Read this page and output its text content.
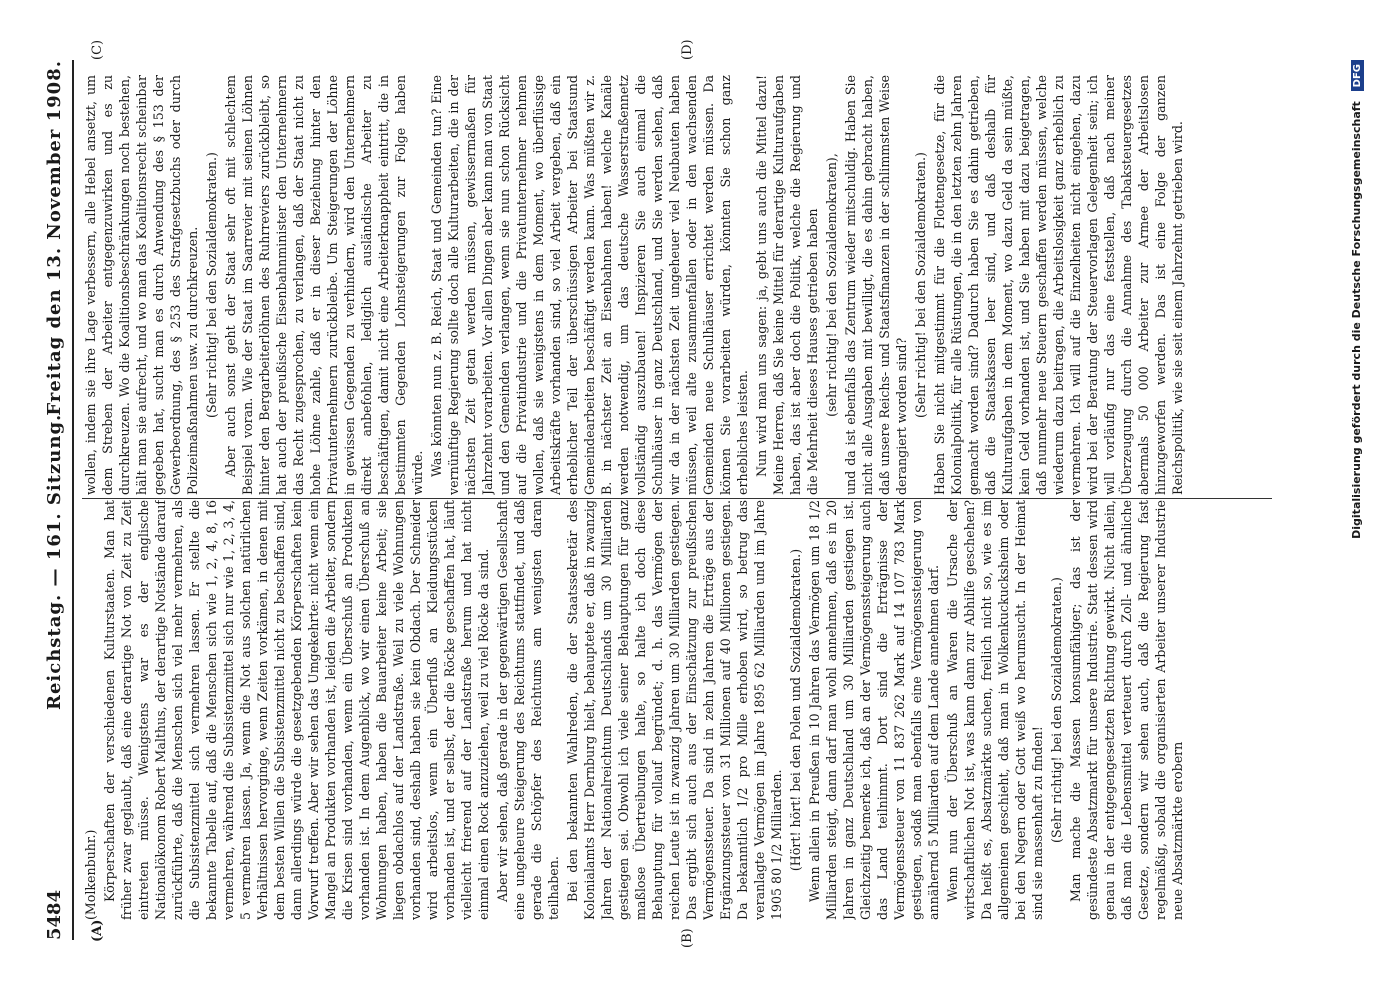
5484
Reichstag. — 161. Sitzung.
Freitag den 13. November 1908.
(A)	(B)
(C)	(D)

(Molkenbuhr.) Körperschaften der verschiedenen Kulturstaaten. Man hat früher zwar geglaubt, daß eine derartige Not von Zeit zu Zeit eintreten müsse. Wenigstens war es der englische Nationalökonom Robert Malthus, der derartige Notstände darauf zurückführte, daß die Menschen sich viel mehr vermehren, als die Subsistenzmittel sich vermehren lassen. Er stellte die bekannte Tabelle auf, daß die Menschen sich wie 1, 2, 4, 8, 16 vermehren, während die Subsistenzmittel sich nur wie 1, 2, 3, 4, 5 vermehren lassen. Ja, wenn die Not aus solchen natürlichen Verhältnissen hervorginge, wenn Zeiten vorkämen, in denen mit dem besten Willen die Subsistenzmittel nicht zu beschaffen sind, dann allerdings würde die gesetzgebenden Körperschaften kein Vorwurf treffen. Aber wir sehen das Umgekehrte: nicht wenn ein Mangel an Produkten vorhanden ist, leiden die Arbeiter, sondern die Krisen sind vorhanden, wenn ein Überschuß an Produkten vorhanden ist. In dem Augenblick, wo wir einen Überschuß an Wohnungen haben, haben die Bauarbeiter keine Arbeit; sie liegen obdachlos auf der Landstraße. Weil zu viele Wohnungen vorhanden sind, deshalb haben sie kein Obdach. Der Schneider wird arbeitslos, wenn ein Überfluß an Kleidungsstücken vorhanden ist, und er selbst, der die Röcke geschaffen hat, läuft vielleicht frierend auf der Landstraße herum und hat nicht einmal einen Rock anzuziehen, weil zu viel Röcke da sind. Aber wir sehen, daß gerade in der gegenwärtigen Gesellschaft eine ungeheure Steigerung des Reichtums stattfindet, und daß gerade die Schöpfer des Reichtums am wenigsten daran teilhaben. Bei den bekannten Wahlreden, die der Staatssekretär des Kolonialamts Herr Dernburg hielt, behauptete er, daß in zwanzig Jahren der Nationalreichtum Deutschlands um 30 Milliarden gestiegen sei. Obwohl ich viele seiner Behauptungen für ganz maßlose Übertreibungen halte, so halte ich doch diese Behauptung für vollauf begründet; d. h. das Vermögen der reichen Leute ist in zwanzig Jahren um 30 Milliarden gestiegen. Das ergibt sich auch aus der Einschätzung zur preußischen Vermögenssteuer. Da sind in zehn Jahren die Erträge aus der Ergänzungssteuer von 31 Millionen auf 40 Millionen gestiegen. Da bekanntlich 1/2 pro Mille erhoben wird, so betrug das veranlagte Vermögen im Jahre 1895 62 Milliarden und im Jahre 1905 80 1/2 Milliarden. (Hört! hört! bei den Polen und Sozialdemokraten.) Wenn allein in Preußen in 10 Jahren das Vermögen um 18 1/2 Milliarden steigt, dann darf man wohl annehmen, daß es in 20 Jahren in ganz Deutschland um 30 Milliarden gestiegen ist. Gleichzeitig bemerke ich, daß an der Vermögenssteigerung auch das Land teilnimmt. Dort sind die Erträgnisse der Vermögenssteuer von 11 837 262 Mark auf 14 107 783 Mark gestiegen, sodaß man ebenfalls eine Vermögenssteigerung von annähernd 5 Milliarden auf dem Lande annehmen darf. Wenn nun der Überschuß an Waren die Ursache der wirtschaftlichen Not ist, was kann dann zur Abhilfe geschehen? Da heißt es, Absatzmärkte suchen, freilich nicht so, wie es im allgemeinen geschieht, daß man in Wolkenkuckucksheim oder bei den Negern oder Gott weiß wo herumsucht. In der Heimat sind sie massenhaft zu finden! (Sehr richtig! bei den Sozialdemokraten.) Man mache die Massen konsumfähiger; das ist der gesündeste Absatzmarkt für unsere Industrie. Statt dessen wird genau in der entgegengesetzten Richtung gewirkt. Nicht allein, daß man die Lebensmittel verteuert durch Zoll- und ähnliche Gesetze, sondern wir sehen auch, daß die Regierung fast regelmäßig, sobald die organisierten Arbeiter unserer Industrie neue Absatzmärkte erobern

wollen, indem sie ihre Lage verbessern, alle Hebel ansetzt, um dem Streben der Arbeiter entgegenzuwirken und es zu durchkreuzen. Wo die Koalitionsbeschränkungen noch bestehen, hält man sie aufrecht, und wo man das Koalitionsrecht scheinbar gegeben hat, sucht man es durch Anwendung des § 153 der Gewerbeordnung, des § 253 des Strafgesetzbuchs oder durch Polizeimaßnahmen usw. zu durchkreuzen. (Sehr richtig! bei den Sozialdemokraten.) Aber auch sonst geht der Staat sehr oft mit schlechtem Beispiel voran. Wie der Staat im Saarrevier mit seinen Löhnen hinter den Bergarbeiterlöhnen des Ruhrreviers zurückbleibt, so hat auch der preußische Eisenbahnminister den Unternehmern das Recht zugesprochen, zu verlangen, daß der Staat nicht zu hohe Löhne zahle, daß er in dieser Beziehung hinter den Privatunternehmern zurückbleibe. Um Steigerungen der Löhne in gewissen Gegenden zu verhindern, wird den Unternehmern direkt anbefohlen, lediglich ausländische Arbeiter zu beschäftigen, damit nicht eine Arbeiterknappheit eintritt, die in bestimmten Gegenden Lohnsteigerungen zur Folge haben würde. Was könnten nun z. B. Reich, Staat und Gemeinden tun? Eine vernünftige Regierung sollte doch alle Kulturarbeiten, die in der nächsten Zeit getan werden müssen, gewissermaßen für Jahrzehnt vorarbeiten. Vor allen Dingen aber kann man von Staat und den Gemeinden verlangen, wenn sie nun schon Rücksicht auf die Privatindustrie und die Privatunternehmer nehmen wollen, daß sie wenigstens in dem Moment, wo überflüssige Arbeitskräfte vorhanden sind, so viel Arbeit vergeben, daß ein erheblicher Teil der überschüssigen Arbeiter bei Staatsund Gemeindearbeiten beschäftigt werden kann. Was müßten wir z. B. in nächster Zeit an Eisenbahnen haben! welche Kanäle werden notwendig, um das deutsche Wasserstraßennetz vollständig auszubauen! Inspizieren Sie auch einmal die Schulhäuser in ganz Deutschland, und Sie werden sehen, daß wir da in der nächsten Zeit ungeheuer viel Neubauten haben müssen, weil alte zusammenfallen oder in den wachsenden Gemeinden neue Schulhäuser errichtet werden müssen. Da können Sie vorarbeiten würden, könnten Sie schon ganz erhebliches leisten. Nun wird man uns sagen: ja, gebt uns auch die Mittel dazu! Meine Herren, daß Sie keine Mittel für derartige Kulturaufgaben haben, das ist aber doch die Politik, welche die Regierung und die Mehrheit dieses Hauses getrieben haben (sehr richtig! bei den Sozialdemokraten), und da ist ebenfalls das Zentrum wieder mitschuldig. Haben Sie nicht alle Ausgaben mit bewilligt, die es dahin gebracht haben, daß unsere Reichs- und Staatsfinanzen in der schlimmsten Weise derangiert worden sind? (Sehr richtig! bei den Sozialdemokraten.) Haben Sie nicht mitgestimmt für die Flottengesetze, für die Kolonialpolitik, für alle Rüstungen, die in den letzten zehn Jahren gemacht worden sind? Dadurch haben Sie es dahin getrieben, daß die Staatskassen leer sind, und daß deshalb für Kulturaufgaben in dem Moment, wo dazu Geld da sein müßte, kein Geld vorhanden ist, und Sie haben mit dazu beigetragen, daß nunmehr neue Steuern geschaffen werden müssen, welche wiederum dazu beitragen, die Arbeitslosigkeit ganz erheblich zu vermehren. Ich will auf die Einzelheiten nicht eingehen, dazu wird bei der Beratung der Steuervorlagen Gelegenheit sein; ich will vorläufig nur das eine feststellen, daß nach meiner Überzeugung durch die Annahme des Tabaksteuergesetzes abermals 50 000 Arbeiter zur Armee der Arbeitslosen hinzugeworfen werden. Das ist eine Folge der ganzen Reichspolitik, wie sie seit einem Jahrzehnt getrieben wird.	Digitalisierung gefördert durch die Deutsche Forschungsgemeinschaft DFG
